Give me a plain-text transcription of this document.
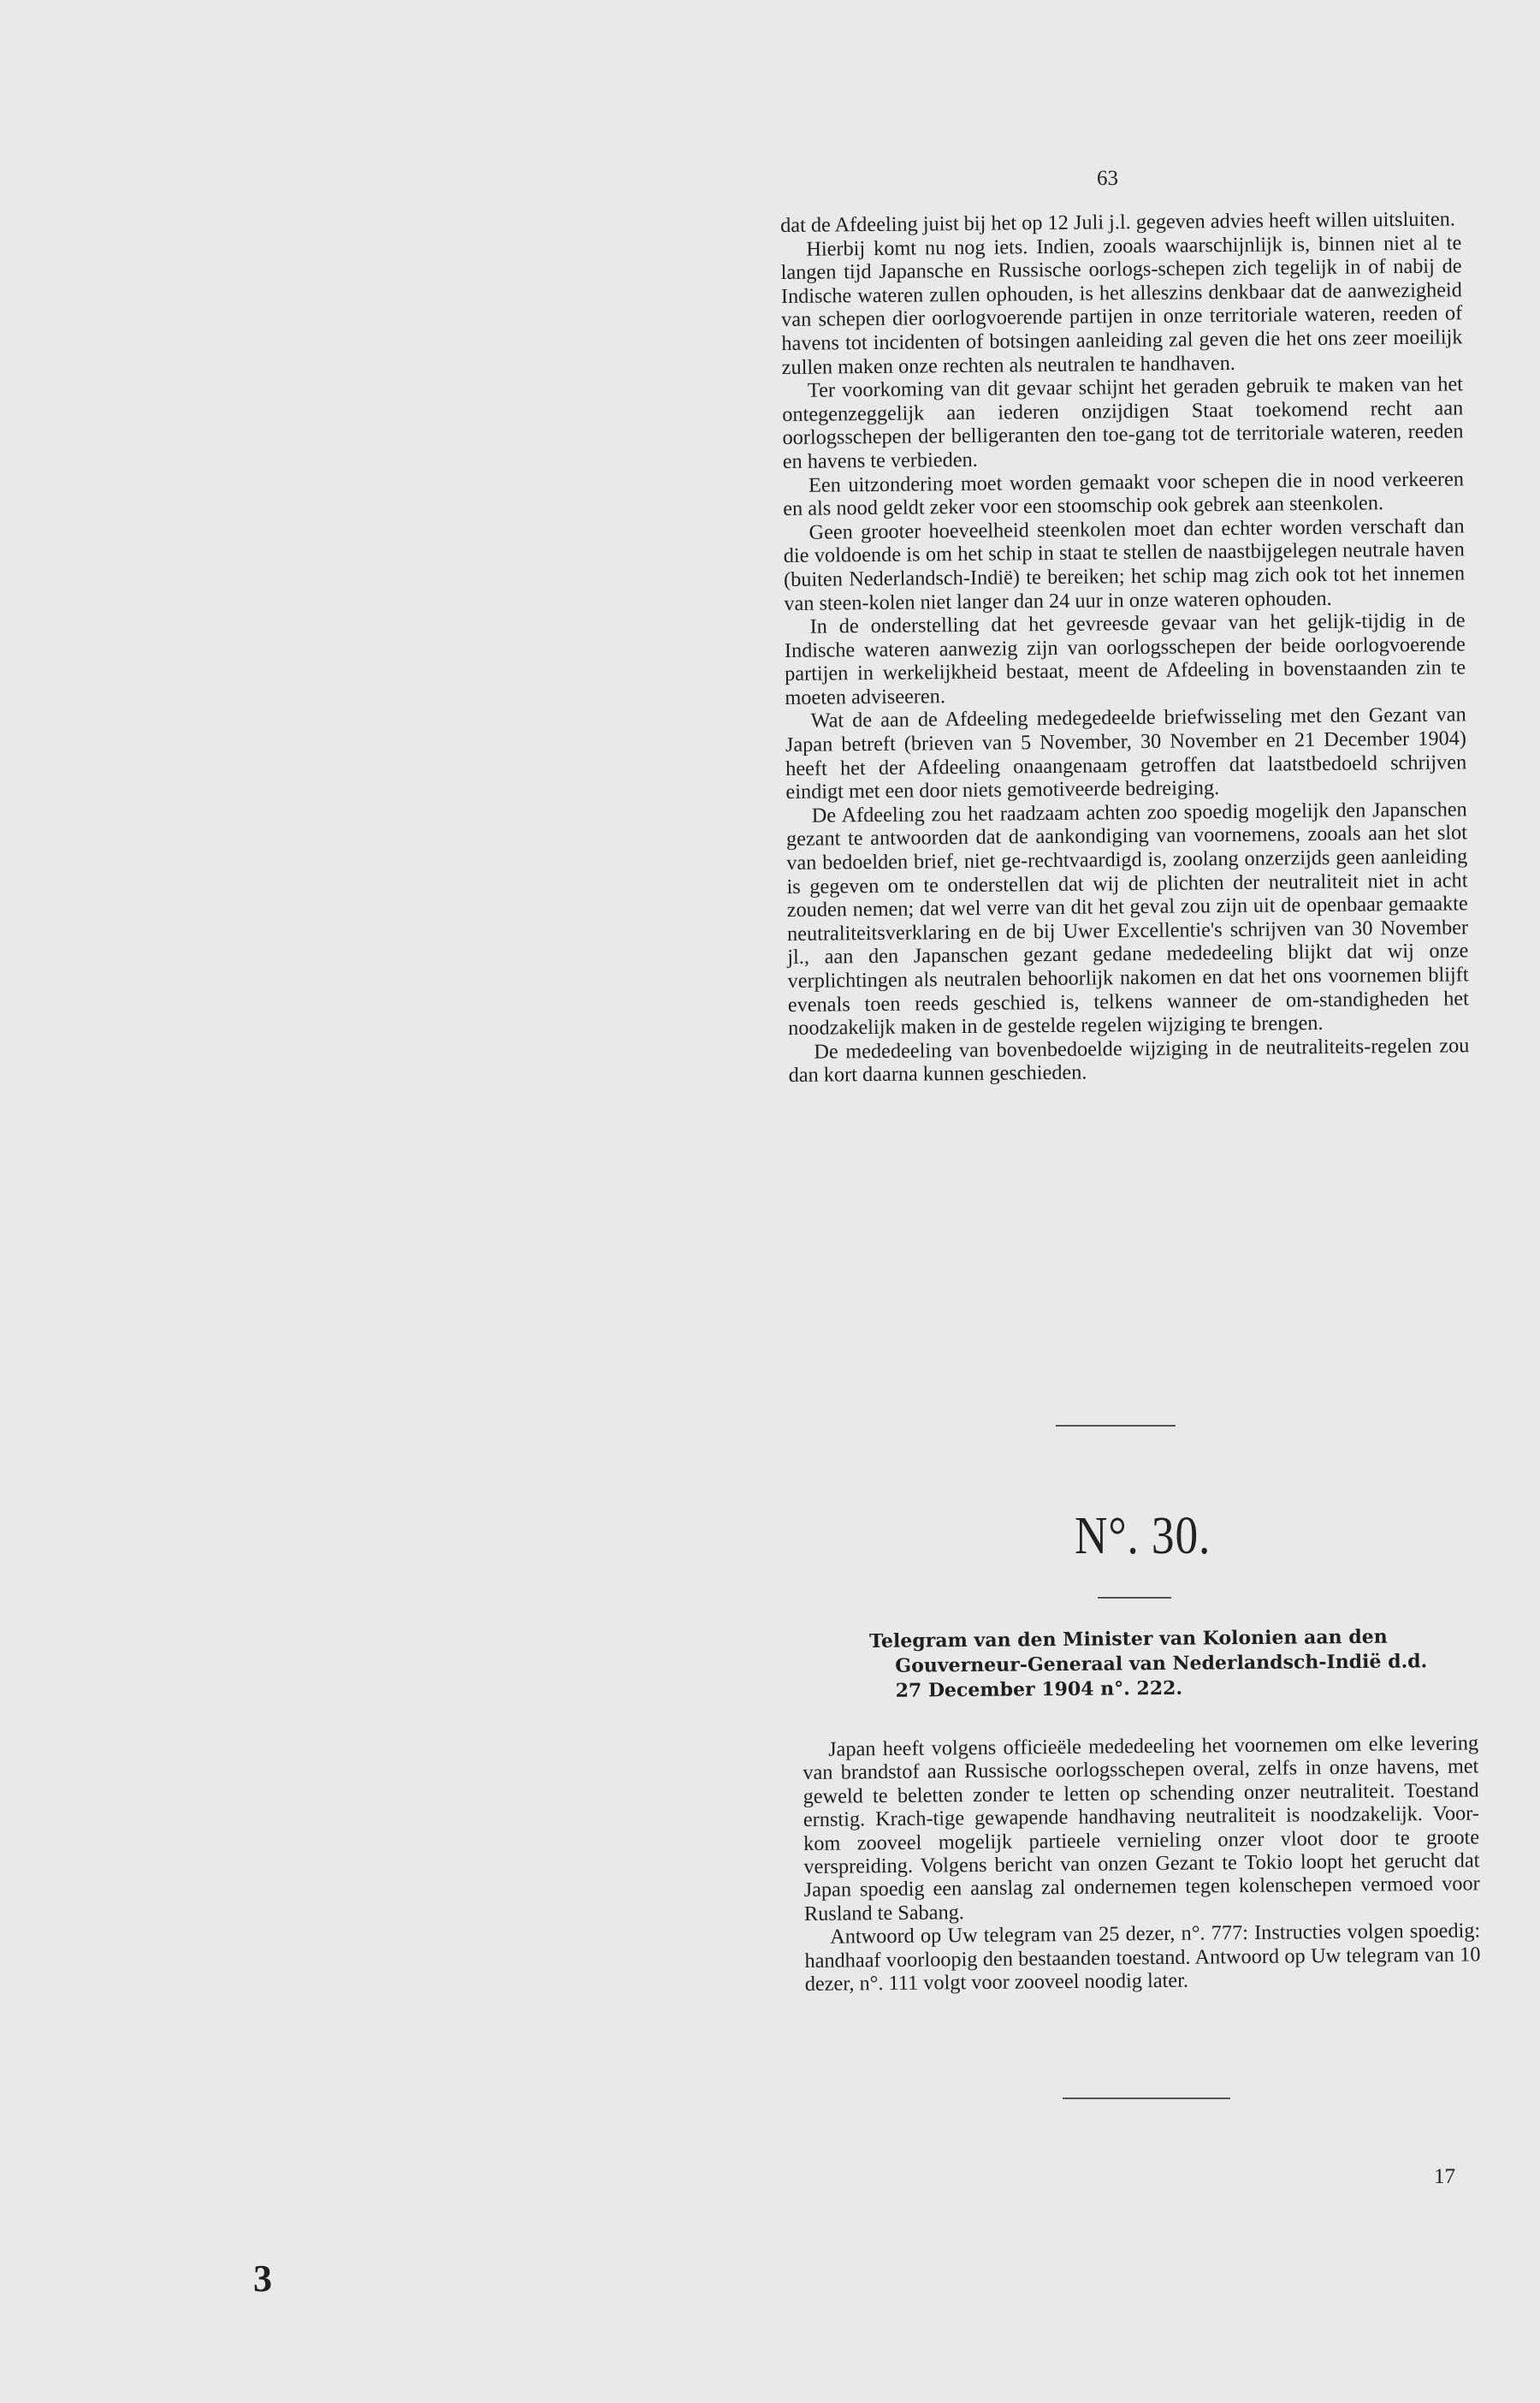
63

dat de Afdeeling juist bij het op 12 Juli j.l. gegeven advies heeft willen uitsluiten.

Hierbij komt nu nog iets. Indien, zooals waarschijnlijk is, binnen niet al te langen tijd Japansche en Russische oorlogs-schepen zich tegelijk in of nabij de Indische wateren zullen ophouden, is het alleszins denkbaar dat de aanwezigheid van schepen dier oorlogvoerende partijen in onze territoriale wateren, reeden of havens tot incidenten of botsingen aanleiding zal geven die het ons zeer moeilijk zullen maken onze rechten als neutralen te handhaven.

Ter voorkoming van dit gevaar schijnt het geraden gebruik te maken van het ontegenzeggelijk aan iederen onzijdigen Staat toekomend recht aan oorlogsschepen der belligeranten den toe-gang tot de territoriale wateren, reeden en havens te verbieden.

Een uitzondering moet worden gemaakt voor schepen die in nood verkeeren en als nood geldt zeker voor een stoomschip ook gebrek aan steenkolen.

Geen grooter hoeveelheid steenkolen moet dan echter worden verschaft dan die voldoende is om het schip in staat te stellen de naastbijgelegen neutrale haven (buiten Nederlandsch-Indië) te bereiken; het schip mag zich ook tot het innemen van steen-kolen niet langer dan 24 uur in onze wateren ophouden.

In de onderstelling dat het gevreesde gevaar van het gelijk-tijdig in de Indische wateren aanwezig zijn van oorlogsschepen der beide oorlogvoerende partijen in werkelijkheid bestaat, meent de Afdeeling in bovenstaanden zin te moeten adviseeren.

Wat de aan de Afdeeling medegedeelde briefwisseling met den Gezant van Japan betreft (brieven van 5 November, 30 November en 21 December 1904) heeft het der Afdeeling onaangenaam getroffen dat laatstbedoeld schrijven eindigt met een door niets gemotiveerde bedreiging.

De Afdeeling zou het raadzaam achten zoo spoedig mogelijk den Japanschen gezant te antwoorden dat de aankondiging van voornemens, zooals aan het slot van bedoelden brief, niet ge-rechtvaardigd is, zoolang onzerzijds geen aanleiding is gegeven om te onderstellen dat wij de plichten der neutraliteit niet in acht zouden nemen; dat wel verre van dit het geval zou zijn uit de openbaar gemaakte neutraliteitsverklaring en de bij Uwer Excellentie's schrijven van 30 November jl., aan den Japanschen gezant gedane mededeeling blijkt dat wij onze verplichtingen als neutralen behoorlijk nakomen en dat het ons voornemen blijft evenals toen reeds geschied is, telkens wanneer de om-standigheden het noodzakelijk maken in de gestelde regelen wijziging te brengen.

De mededeeling van bovenbedoelde wijziging in de neutraliteits-regelen zou dan kort daarna kunnen geschieden.

N°. 30.
Telegram van den Minister van Kolonien aan den
Gouverneur-Generaal van Nederlandsch-Indië d.d.
27 December 1904 n°. 222.

Japan heeft volgens officieële mededeeling het voornemen om elke levering van brandstof aan Russische oorlogsschepen overal, zelfs in onze havens, met geweld te beletten zonder te letten op schending onzer neutraliteit. Toestand ernstig. Krach-tige gewapende handhaving neutraliteit is noodzakelijk. Voor-kom zooveel mogelijk partieele vernieling onzer vloot door te groote verspreiding. Volgens bericht van onzen Gezant te Tokio loopt het gerucht dat Japan spoedig een aanslag zal ondernemen tegen kolenschepen vermoed voor Rusland te Sabang.

Antwoord op Uw telegram van 25 dezer, n°. 777: Instructies volgen spoedig: handhaaf voorloopig den bestaanden toestand. Antwoord op Uw telegram van 10 dezer, n°. 111 volgt voor zooveel noodig later.

17
3
